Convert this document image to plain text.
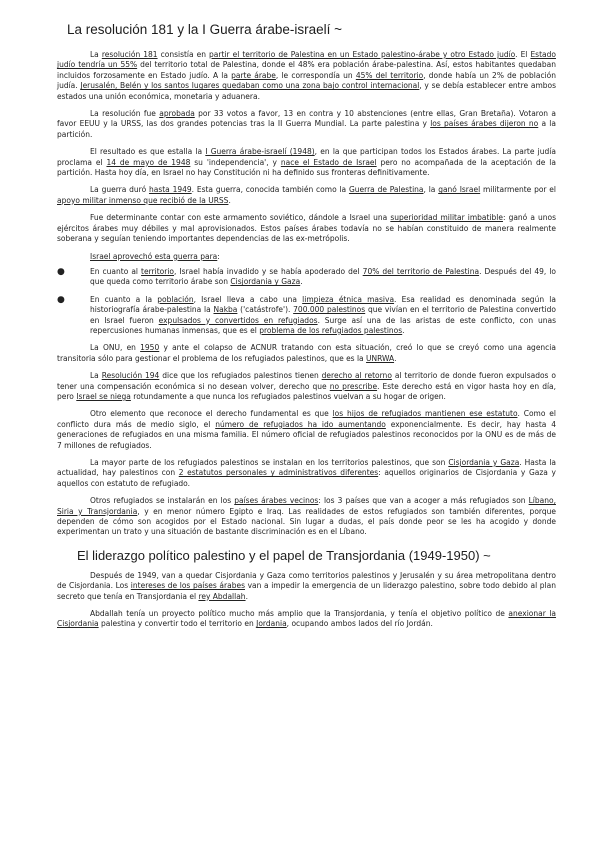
La resolución 181 y la I Guerra árabe-israelí ~

La resolución 181 consistía en partir el territorio de Palestina en un Estado palestino-árabe y otro Estado judío. El Estado judío tendría un 55% del territorio total de Palestina, donde el 48% era población árabe-palestina. Así, estos habitantes quedaban incluidos forzosamente en Estado judío. A la parte árabe, le correspondía un 45% del territorio, donde había un 2% de población judía. Jerusalén, Belén y los santos lugares quedaban como una zona bajo control internacional, y se debía establecer entre ambos estados una unión económica, monetaria y aduanera.

La resolución fue aprobada por 33 votos a favor, 13 en contra y 10 abstenciones (entre ellas, Gran Bretaña). Votaron a favor EEUU y la URSS, las dos grandes potencias tras la II Guerra Mundial. La parte palestina y los países árabes dijeron no a la partición.

El resultado es que estalla la I Guerra árabe-israelí (1948), en la que participan todos los Estados árabes. La parte judía proclama el 14 de mayo de 1948 su 'independencia', y nace el Estado de Israel pero no acompañada de la aceptación de la partición. Hasta hoy día, en Israel no hay Constitución ni ha definido sus fronteras definitivamente.

La guerra duró hasta 1949. Esta guerra, conocida también como la Guerra de Palestina, la ganó Israel militarmente por el apoyo militar inmenso que recibió de la URSS.

Fue determinante contar con este armamento soviético, dándole a Israel una superioridad militar imbatible: ganó a unos ejércitos árabes muy débiles y mal aprovisionados. Estos países árabes todavía no se habían constituido de manera realmente soberana y seguían teniendo importantes dependencias de las ex-metrópolis.

Israel aprovechó esta guerra para:

●	En cuanto al territorio, Israel había invadido y se había apoderado del 70% del territorio de Palestina. Después del 49, lo que queda como territorio árabe son Cisjordania y Gaza.
●	En cuanto a la población, Israel lleva a cabo una limpieza étnica masiva. Esa realidad es denominada según la historiografía árabe-palestina la Nakba ('catástrofe'). 700.000 palestinos que vivían en el territorio de Palestina convertido en Israel fueron expulsados y convertidos en refugiados. Surge así una de las aristas de este conflicto, con unas repercusiones humanas inmensas, que es el problema de los refugiados palestinos.

La ONU, en 1950 y ante el colapso de ACNUR tratando con esta situación, creó lo que se creyó como una agencia transitoria sólo para gestionar el problema de los refugiados palestinos, que es la UNRWA.

La Resolución 194 dice que los refugiados palestinos tienen derecho al retorno al territorio de donde fueron expulsados o tener una compensación económica si no desean volver, derecho que no prescribe. Este derecho está en vigor hasta hoy en día, pero Israel se niega rotundamente a que nunca los refugiados palestinos vuelvan a su hogar de origen.

Otro elemento que reconoce el derecho fundamental es que los hijos de refugiados mantienen ese estatuto. Como el conflicto dura más de medio siglo, el número de refugiados ha ido aumentando exponencialmente. Es decir, hay hasta 4 generaciones de refugiados en una misma familia. El número oficial de refugiados palestinos reconocidos por la ONU es de más de 7 millones de refugiados.

La mayor parte de los refugiados palestinos se instalan en los territorios palestinos, que son Cisjordania y Gaza. Hasta la actualidad, hay palestinos con 2 estatutos personales y administrativos diferentes: aquellos originarios de Cisjordania y Gaza y aquellos con estatuto de refugiado.

Otros refugiados se instalarán en los países árabes vecinos: los 3 países que van a acoger a más refugiados son Líbano, Siria y Transjordania, y en menor número Egipto e Iraq. Las realidades de estos refugiados son también diferentes, porque dependen de cómo son acogidos por el Estado nacional. Sin lugar a dudas, el país donde peor se les ha acogido y donde experimentan un trato y una situación de bastante discriminación es en el Líbano.

El liderazgo político palestino y el papel de Transjordania (1949-1950) ~

Después de 1949, van a quedar Cisjordania y Gaza como territorios palestinos y Jerusalén y su área metropolitana dentro de Cisjordania. Los intereses de los países árabes van a impedir la emergencia de un liderazgo palestino, sobre todo debido al plan secreto que tenía en Transjordania el rey Abdallah.

Abdallah tenía un proyecto político mucho más amplio que la Transjordania, y tenía el objetivo político de anexionar la Cisjordania palestina y convertir todo el territorio en Jordania, ocupando ambos lados del río Jordán.
